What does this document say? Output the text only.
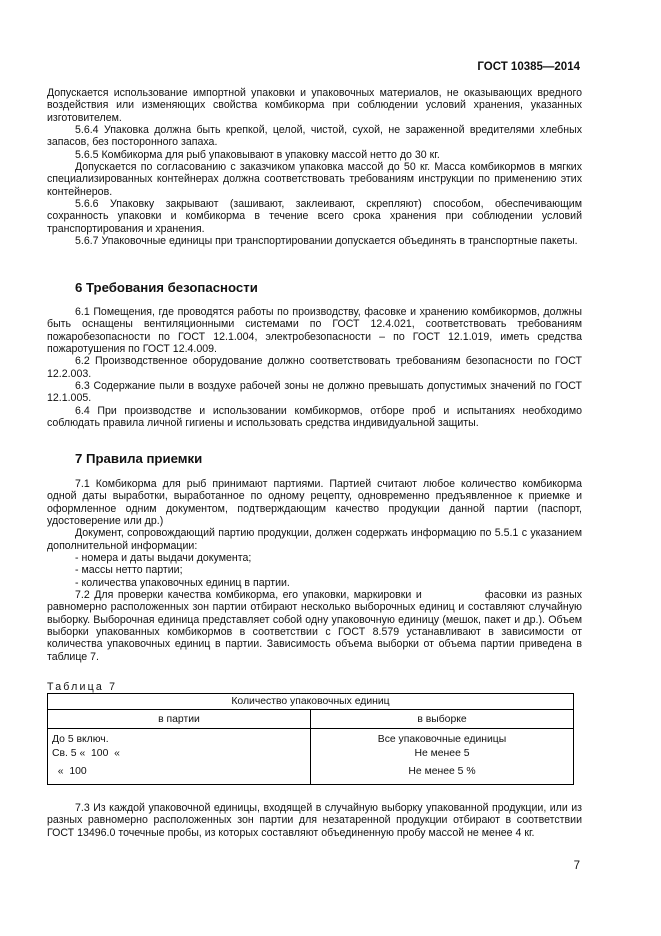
ГОСТ 10385—2014

Допускается использование импортной упаковки и упаковочных материалов, не оказывающих вредного воздействия или изменяющих свойства комбикорма при соблюдении условий хранения, указанных изготовителем.

5.6.4 Упаковка должна быть крепкой, целой, чистой, сухой, не зараженной вредителями хлебных запасов, без посторонного запаха.

5.6.5 Комбикорма для рыб упаковывают в упаковку массой нетто до 30 кг.

Допускается по согласованию с заказчиком упаковка массой до 50 кг. Масса комбикормов в мягких специализированных контейнерах должна соответствовать требованиям инструкции по применению этих контейнеров.

5.6.6 Упаковку закрывают (зашивают, заклеивают, скрепляют) способом, обеспечивающим сохранность упаковки и комбикорма в течение всего срока хранения при соблюдении условий транспортирования и хранения.

5.6.7 Упаковочные единицы при транспортировании допускается объединять в транспортные пакеты.

6 Требования безопасности

6.1 Помещения, где проводятся работы по производству, фасовке и хранению комбикормов, должны быть оснащены вентиляционными системами по ГОСТ 12.4.021, соответствовать требованиям пожаробезопасности по ГОСТ 12.1.004, электробезопасности – по ГОСТ 12.1.019, иметь средства пожаротушения по ГОСТ 12.4.009.

6.2 Производственное оборудование должно соответствовать требованиям безопасности по ГОСТ 12.2.003.

6.3 Содержание пыли в воздухе рабочей зоны не должно превышать допустимых значений по ГОСТ 12.1.005.

6.4 При производстве и использовании комбикормов, отборе проб и испытаниях необходимо соблюдать правила личной гигиены и использовать средства индивидуальной защиты.

7 Правила приемки

7.1 Комбикорма для рыб принимают партиями. Партией считают любое количество комбикорма одной даты выработки, выработанное по одному рецепту, одновременно предъявленное к приемке и оформленное одним документом, подтверждающим качество продукции данной партии (паспорт, удостоверение или др.)

Документ, сопровождающий партию продукции, должен содержать информацию по 5.5.1 с указанием дополнительной информации:

- номера и даты выдачи документа;

- массы нетто партии;

- количества упаковочных единиц в партии.

7.2 Для проверки качества комбикорма, его упаковки, маркировки и              фасовки из разных равномерно расположенных зон партии отбирают несколько выборочных единиц и составляют случайную выборку. Выборочная единица представляет собой одну упаковочную единицу (мешок, пакет и др.). Объем            выборки упакованных комбикормов в соответствии с ГОСТ 8.579 устанавливают в зависимости от количества упаковочных единиц в партии. Зависимость объема выборки от объема партии приведена в таблице 7.

Таблица 7
Количество упаковочных единиц	
в партии	в выборке
До 5 включ.	Все упаковочные единицы
Св. 5 «  100  «	Не менее 5
«  100	Не менее 5 %

7.3 Из каждой упаковочной единицы, входящей в случайную выборку упакованной продукции, или из разных равномерно расположенных зон партии для незатаренной продукции отбирают в соответствии ГОСТ 13496.0 точечные пробы, из которых составляют объединенную пробу массой не менее 4 кг.

7
